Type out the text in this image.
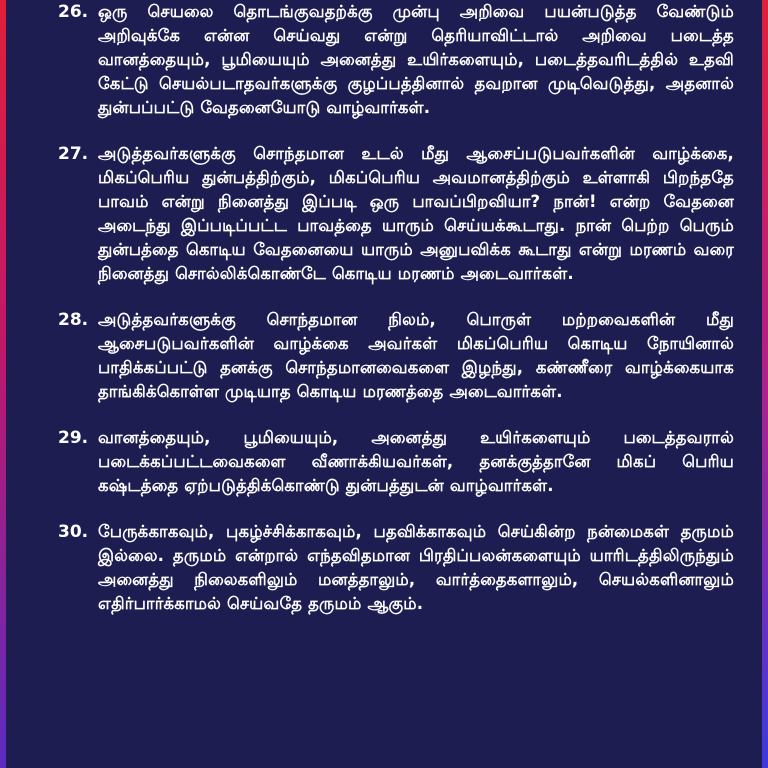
26. ஒரு செயலை தொடங்குவதற்க்கு முன்பு அறிவை பயன்படுத்த வேண்டும் அறிவுக்கே என்ன செய்வது என்று தெரியாவிட்டால் அறிவை படைத்த வானத்தையும், பூமியையும் அனைத்து உயிர்களையும், படைத்தவரிடத்தில் உதவி கேட்டு செயல்படாதவர்களுக்கு குழப்பத்தினால் தவறான முடிவெடுத்து, அதனால் துன்பப்பட்டு வேதனையோடு வாழ்வார்கள்.
27. அடுத்தவர்களுக்கு சொந்தமான உடல் மீது ஆசைப்படுபவர்களின் வாழ்க்கை, மிகப்பெரிய துன்பத்திற்கும், மிகப்பெரிய அவமானத்திற்கும் உள்ளாகி பிறந்ததே பாவம் என்று நினைத்து இப்படி ஒரு பாவப்பிறவியா? நான்! என்ற வேதனை அடைந்து இப்படிப்பட்ட பாவத்தை யாரும் செய்யக்கூடாது. நான் பெற்ற பெரும் துன்பத்தை கொடிய வேதனையை யாரும் அனுபவிக்க கூடாது என்று மரணம் வரை நினைத்து சொல்லிக்கொண்டே கொடிய மரணம் அடைவார்கள்.
28. அடுத்தவர்களுக்கு சொந்தமான நிலம், பொருள் மற்றவைகளின் மீது ஆசைபடுபவர்களின் வாழ்க்கை அவர்கள் மிகப்பெரிய கொடிய நோயினால் பாதிக்கப்பட்டு தனக்கு சொந்தமானவைகளை இழந்து, கண்ணீரை வாழ்க்கையாக தாங்கிக்கொள்ள முடியாத கொடிய மரணத்தை அடைவார்கள்.
29. வானத்தையும், பூமியையும், அனைத்து உயிர்களையும் படைத்தவரால் படைக்கப்பட்டவைகளை வீணாக்கியவர்கள், தனக்குத்தானே மிகப் பெரிய கஷ்டத்தை ஏற்படுத்திக்கொண்டு துன்பத்துடன் வாழ்வார்கள்.
30. பேருக்காகவும், புகழ்ச்சிக்காகவும், பதவிக்காகவும் செய்கின்ற நன்மைகள் தருமம் இல்லை. தருமம் என்றால் எந்தவிதமான பிரதிப்பலன்களையும் யாரிடத்திலிருந்தும் அனைத்து நிலைகளிலும் மனத்தாலும், வார்த்தைகளாலும், செயல்களினாலும் எதிர்பார்க்காமல் செய்வதே தருமம் ஆகும்.
